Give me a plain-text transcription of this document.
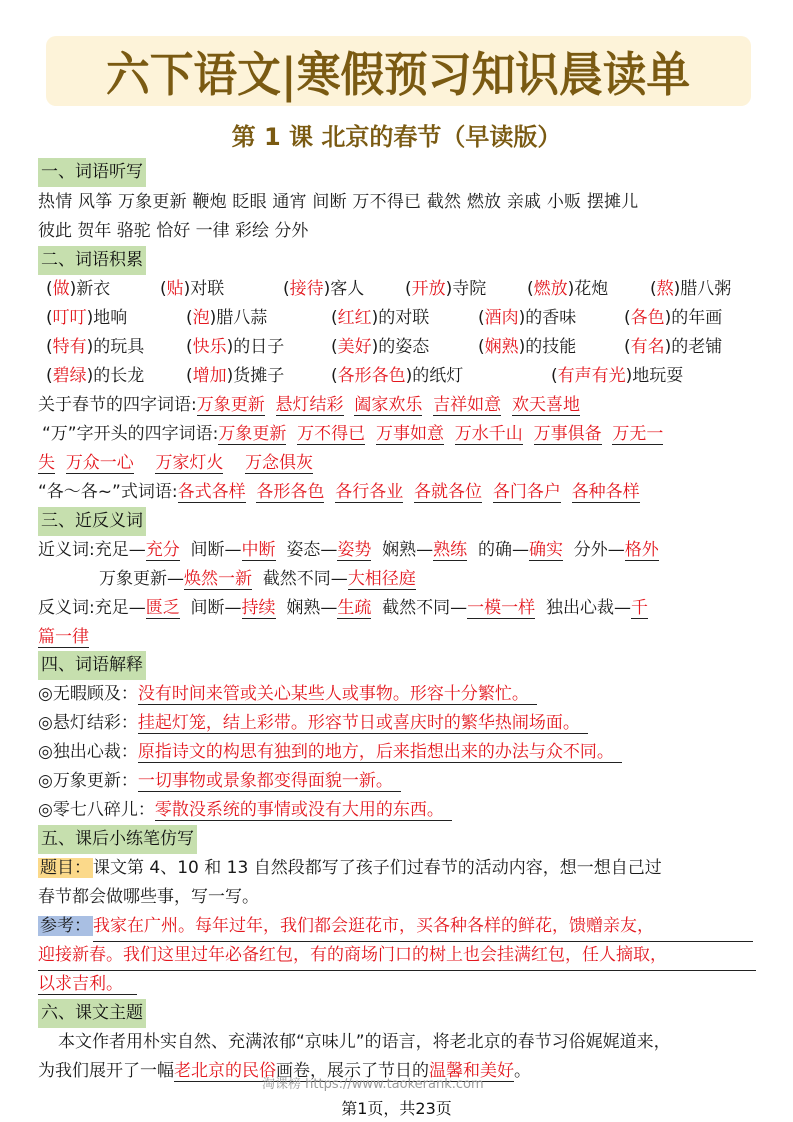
六下语文|寒假预习知识晨读单
第 1 课 北京的春节（早读版）
一、词语听写
热情 风筝 万象更新 鞭炮 眨眼 通宵 间断 万不得已 截然 燃放 亲戚 小贩 摆摊儿
彼此 贺年 骆驼 恰好 一律 彩绘 分外
二、词语积累
(做)新衣	(贴)对联	(接待)客人 (开放)寺院 (燃放)花炮 (熬)腊八粥
(叮叮)地响	(泡)腊八蒜	(红红)的对联	(酒肉)的香味	(各色)的年画
(特有)的玩具 (快乐)的日子	(美好)的姿态	(娴熟)的技能	(有名)的老铺
(碧绿)的长龙 (增加)货摊子	(各形各色)的纸灯	(有声有光)地玩耍
关于春节的四字词语:万象更新 悬灯结彩 阖家欢乐 吉祥如意 欢天喜地
“万”字开头的四字词语:万象更新 万不得已 万事如意 万水千山 万事俱备 万无一
失 万众一心 万家灯火 万念俱灰
“各～各~”式词语:各式各样 各形各色 各行各业 各就各位 各门各户 各种各样
三、近反义词
近义词:充足—充分 间断—中断 姿态—姿势 娴熟—熟练 的确—确实 分外—格外
万象更新—焕然一新 截然不同—大相径庭
反义词:充足—匮乏 间断—持续 娴熟—生疏 截然不同—一模一样 独出心裁—千
篇一律
四、词语解释
◎无暇顾及：没有时间来管或关心某些人或事物。形容十分繁忙。
◎悬灯结彩：挂起灯笼，结上彩带。形容节日或喜庆时的繁华热闹场面。
◎独出心裁：原指诗文的构思有独到的地方，后来指想出来的办法与众不同。
◎万象更新：一切事物或景象都变得面貌一新。
◎零七八碎儿：零散没系统的事情或没有大用的东西。
五、课后小练笔仿写
题目： 课文第 4、10 和 13 自然段都写了孩子们过春节的活动内容，想一想自己过
春节都会做哪些事，写一写。
参考： 我家在广州。每年过年，我们都会逛花市，买各种各样的鲜花，馈赠亲友，
迎接新春。我们这里过年必备红包，有的商场门口的树上也会挂满红包，任人摘取，
以求吉利。
六、课文主题
本文作者用朴实自然、充满浓郁“京味儿”的语言，将老北京的春节习俗娓娓道来，
为我们展开了一幅老北京的民俗画卷，展示了节日的温馨和美好。
淘课榜 https://www.taokerank.com
第1页，共23页
